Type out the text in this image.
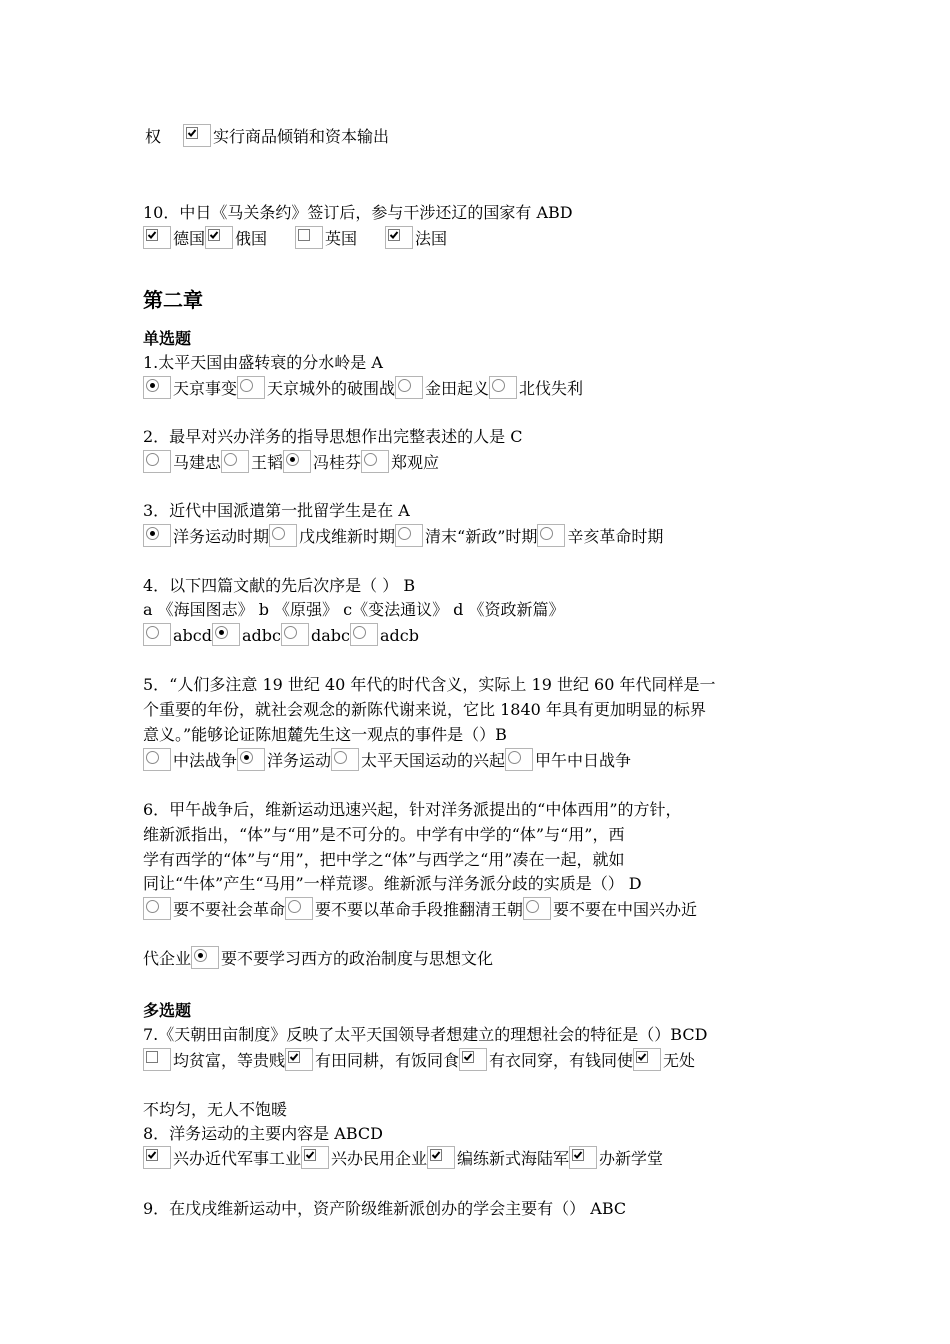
权	实行商品倾销和资本输出
10．中日《马关条约》签订后，参与干涉还辽的国家有 ABD
德国 俄国	英国	法国
第二章
单选题
1.太平天国由盛转衰的分水岭是 A
天京事变 天京城外的破围战 金田起义 北伐失利
2．最早对兴办洋务的指导思想作出完整表述的人是 C
马建忠 王韬 冯桂芬 郑观应
3．近代中国派遣第一批留学生是在 A
洋务运动时期 戊戌维新时期 清末“新政”时期 辛亥革命时期
4．以下四篇文献的先后次序是（ ） B
a 《海国图志》 b 《原强》 c《变法通议》 d 《资政新篇》
abcd adbc dabc adcb
5．“人们多注意 19 世纪 40 年代的时代含义，实际上 19 世纪 60 年代同样是一
个重要的年份，就社会观念的新陈代谢来说，它比 1840 年具有更加明显的标界
意义。”能够论证陈旭麓先生这一观点的事件是（）B
中法战争 洋务运动 太平天国运动的兴起 甲午中日战争
6．甲午战争后，维新运动迅速兴起，针对洋务派提出的“中体西用”的方针，
维新派指出，“体”与“用”是不可分的。中学有中学的“体”与“用”，西
学有西学的“体”与“用”，把中学之“体”与西学之“用”凑在一起，就如
同让“牛体”产生“马用”一样荒谬。维新派与洋务派分歧的实质是（） D
要不要社会革命 要不要以革命手段推翻清王朝 要不要在中国兴办近
代企业 要不要学习西方的政治制度与思想文化
多选题
7.《天朝田亩制度》反映了太平天国领导者想建立的理想社会的特征是（）BCD
均贫富，等贵贱 有田同耕，有饭同食 有衣同穿，有钱同使 无处
不均匀，无人不饱暖
8．洋务运动的主要内容是 ABCD
兴办近代军事工业 兴办民用企业 编练新式海陆军 办新学堂
9．在戊戌维新运动中，资产阶级维新派创办的学会主要有（） ABC
